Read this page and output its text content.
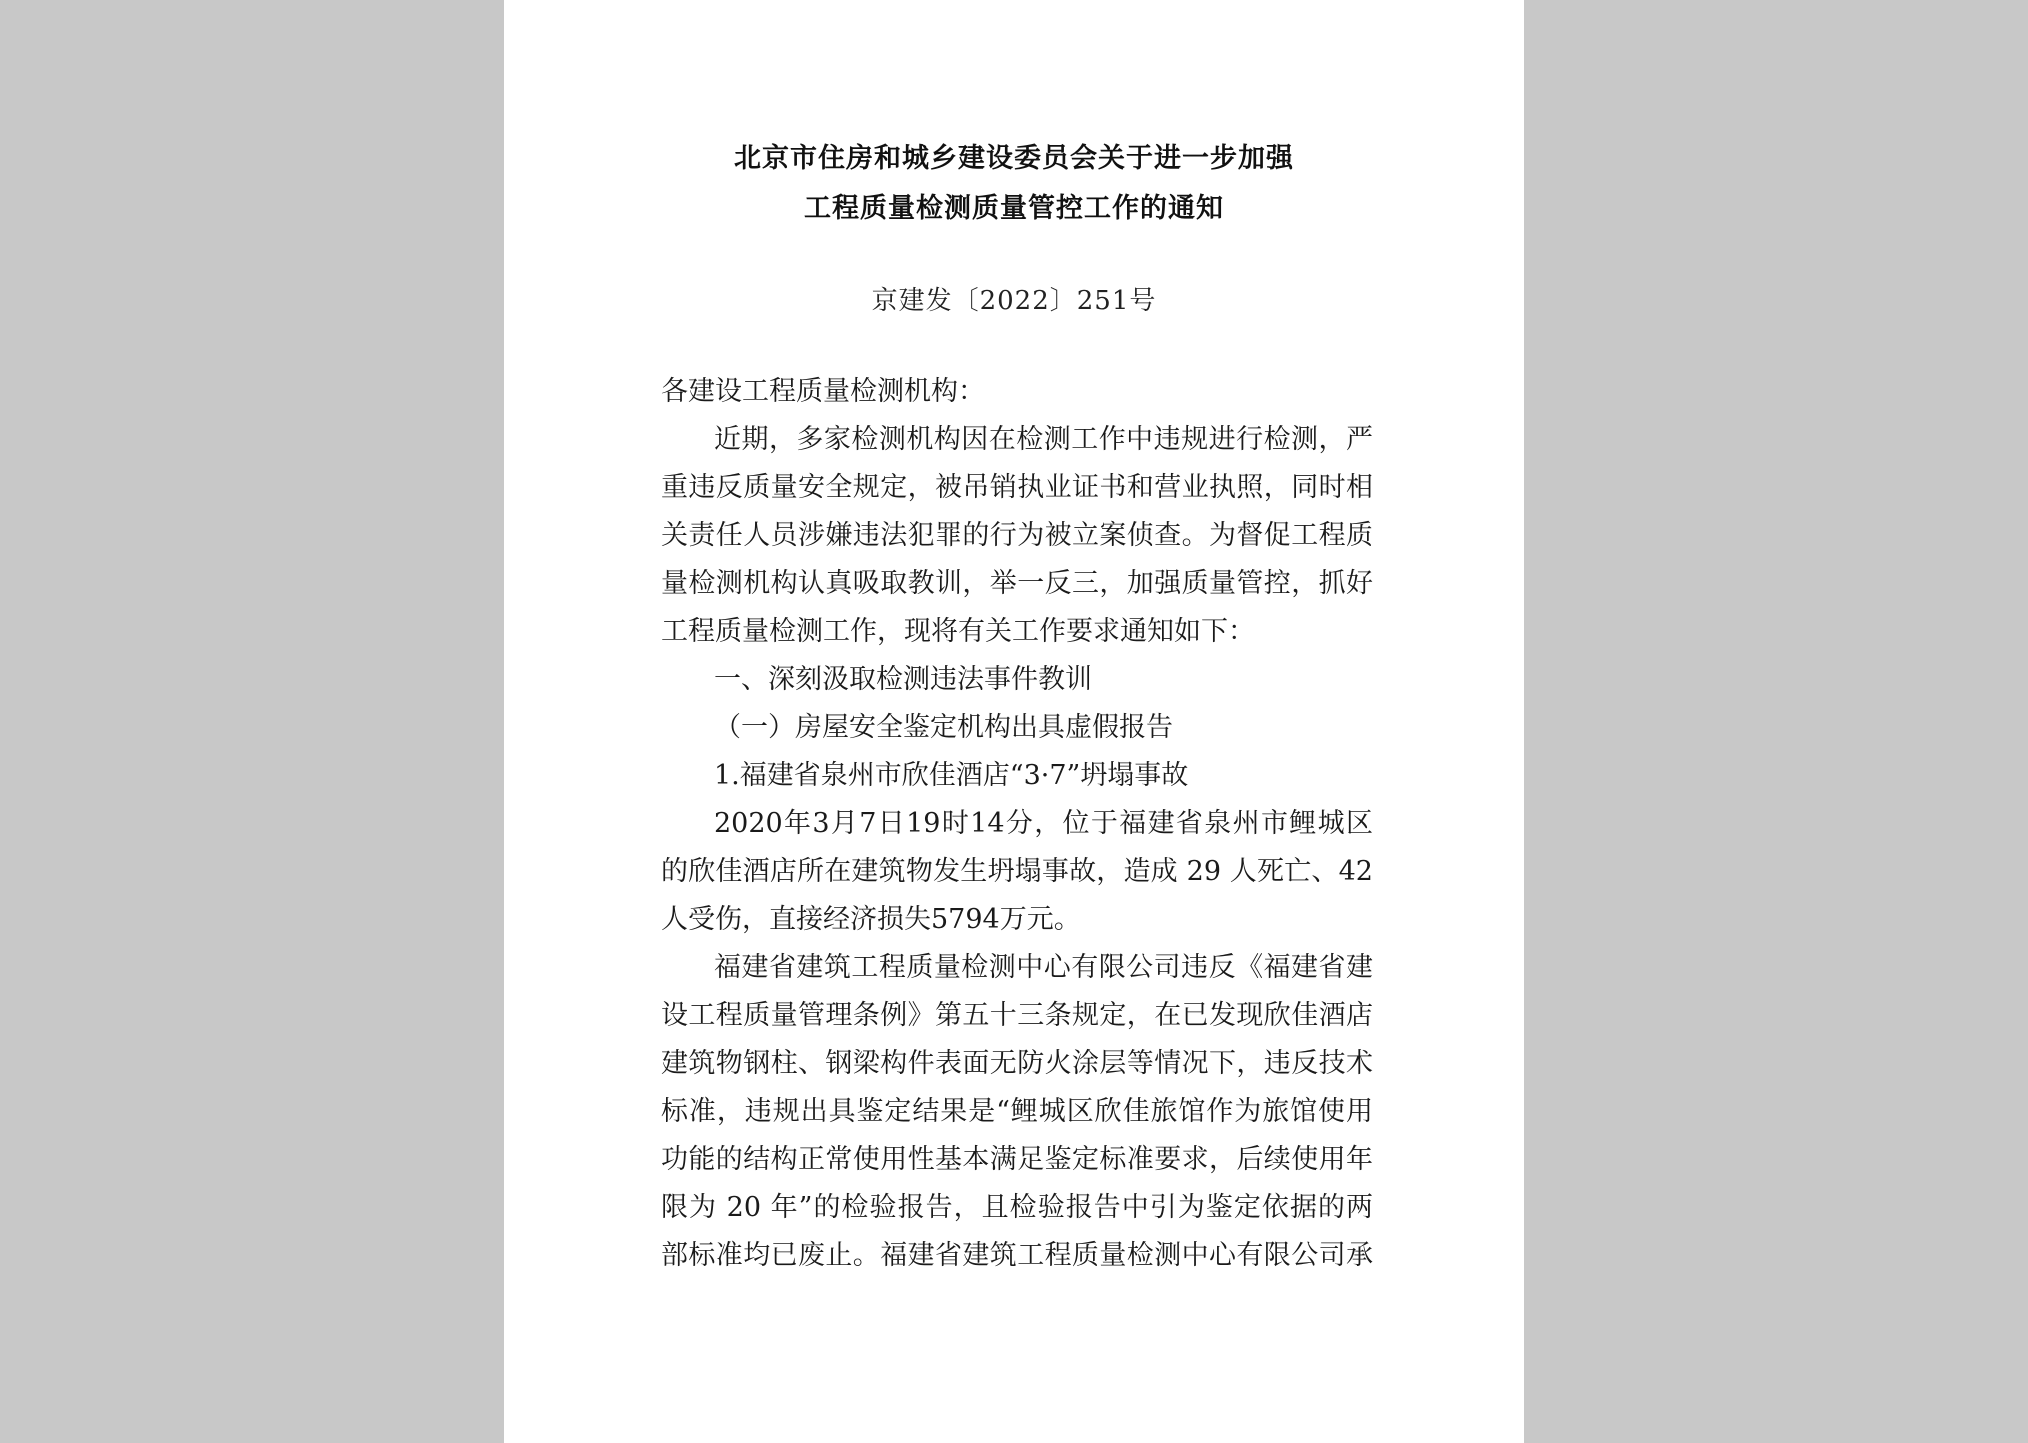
北京市住房和城乡建设委员会关于进一步加强
工程质量检测质量管控工作的通知
京建发〔2022〕251号
各建设工程质量检测机构：
近期，多家检测机构因在检测工作中违规进行检测，严
重违反质量安全规定，被吊销执业证书和营业执照，同时相
关责任人员涉嫌违法犯罪的行为被立案侦查。为督促工程质
量检测机构认真吸取教训，举一反三，加强质量管控，抓好
工程质量检测工作，现将有关工作要求通知如下：
一、深刻汲取检测违法事件教训
（一）房屋安全鉴定机构出具虚假报告
1.福建省泉州市欣佳酒店“3·7”坍塌事故
2020年3月7日19时14分，位于福建省泉州市鲤城区
的欣佳酒店所在建筑物发生坍塌事故，造成 29 人死亡、42
人受伤，直接经济损失5794万元。
福建省建筑工程质量检测中心有限公司违反《福建省建
设工程质量管理条例》第五十三条规定，在已发现欣佳酒店
建筑物钢柱、钢梁构件表面无防火涂层等情况下，违反技术
标准，违规出具鉴定结果是“鲤城区欣佳旅馆作为旅馆使用
功能的结构正常使用性基本满足鉴定标准要求，后续使用年
限为 20 年”的检验报告，且检验报告中引为鉴定依据的两
部标准均已废止。福建省建筑工程质量检测中心有限公司承
